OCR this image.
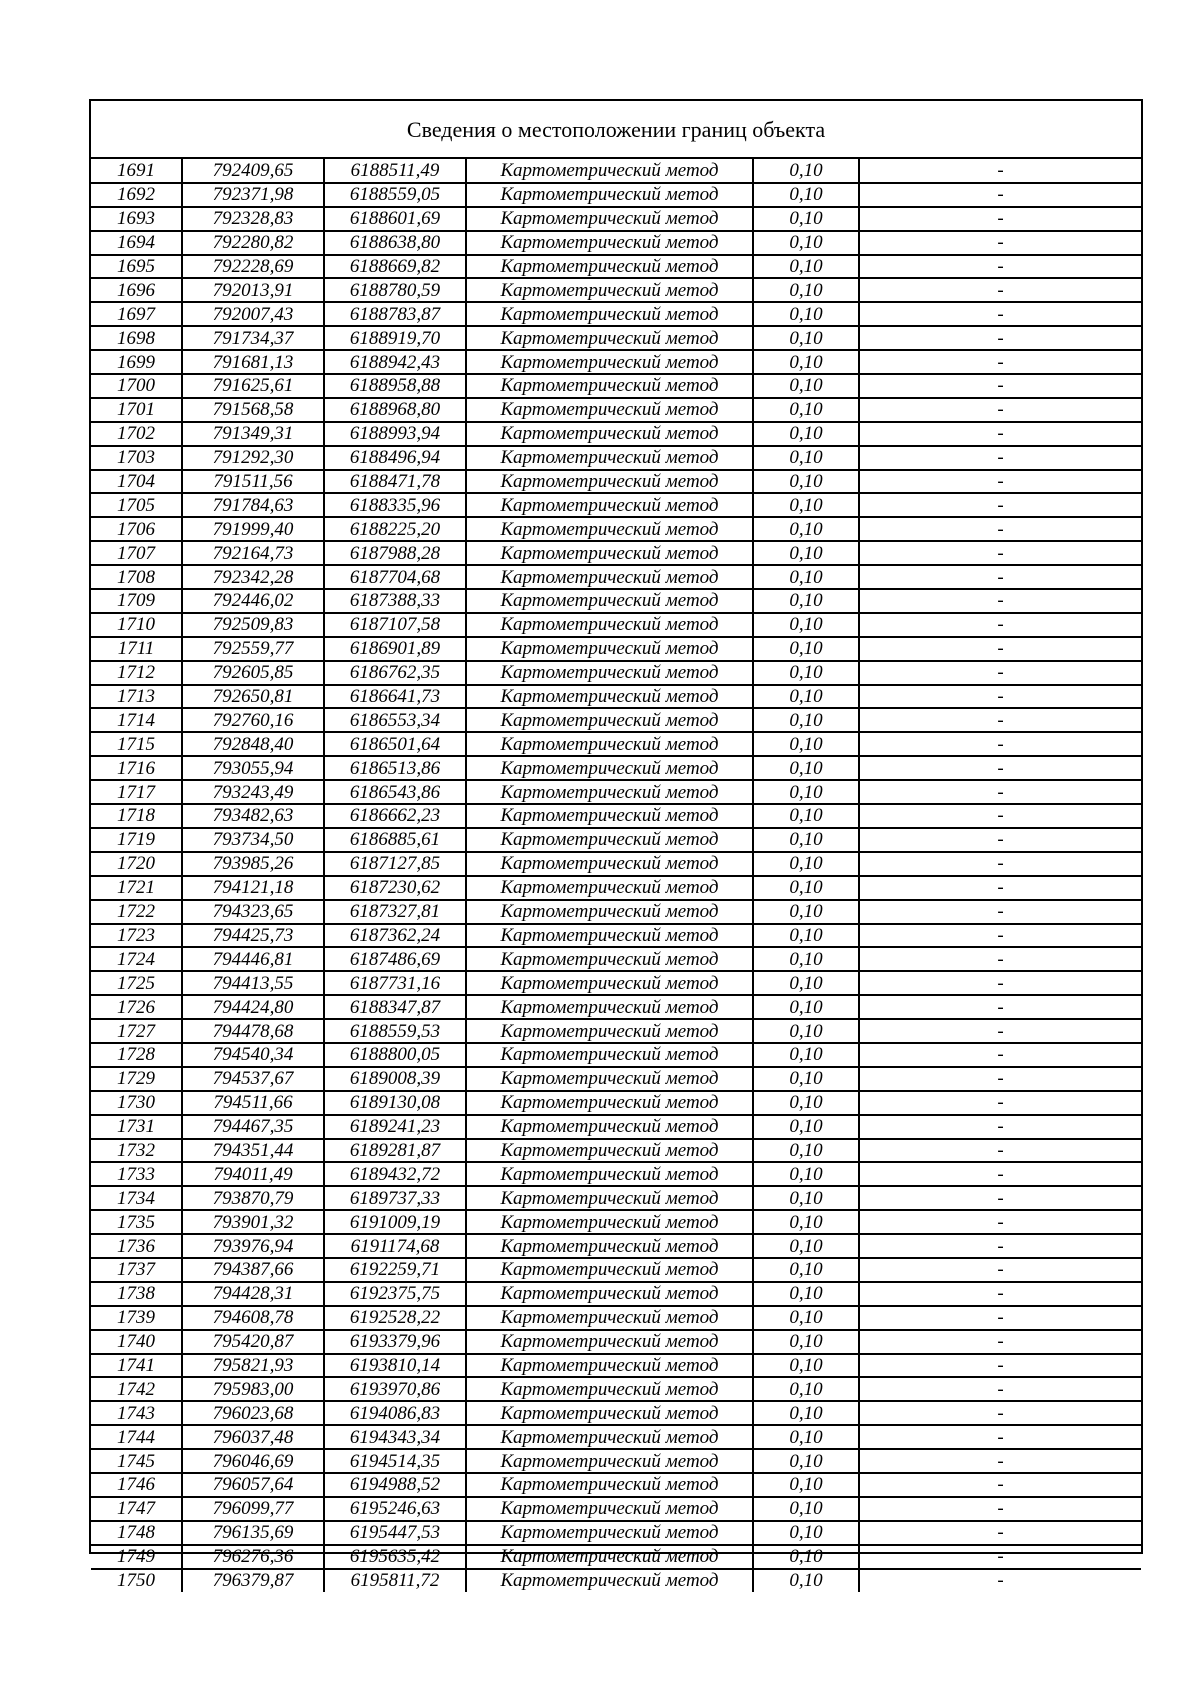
Сведения о местоположении границ объекта
1691	792409,65	6188511,49	Картометрический метод	0,10	-
1692	792371,98	6188559,05	Картометрический метод	0,10	-
1693	792328,83	6188601,69	Картометрический метод	0,10	-
1694	792280,82	6188638,80	Картометрический метод	0,10	-
1695	792228,69	6188669,82	Картометрический метод	0,10	-
1696	792013,91	6188780,59	Картометрический метод	0,10	-
1697	792007,43	6188783,87	Картометрический метод	0,10	-
1698	791734,37	6188919,70	Картометрический метод	0,10	-
1699	791681,13	6188942,43	Картометрический метод	0,10	-
1700	791625,61	6188958,88	Картометрический метод	0,10	-
1701	791568,58	6188968,80	Картометрический метод	0,10	-
1702	791349,31	6188993,94	Картометрический метод	0,10	-
1703	791292,30	6188496,94	Картометрический метод	0,10	-
1704	791511,56	6188471,78	Картометрический метод	0,10	-
1705	791784,63	6188335,96	Картометрический метод	0,10	-
1706	791999,40	6188225,20	Картометрический метод	0,10	-
1707	792164,73	6187988,28	Картометрический метод	0,10	-
1708	792342,28	6187704,68	Картометрический метод	0,10	-
1709	792446,02	6187388,33	Картометрический метод	0,10	-
1710	792509,83	6187107,58	Картометрический метод	0,10	-
1711	792559,77	6186901,89	Картометрический метод	0,10	-
1712	792605,85	6186762,35	Картометрический метод	0,10	-
1713	792650,81	6186641,73	Картометрический метод	0,10	-
1714	792760,16	6186553,34	Картометрический метод	0,10	-
1715	792848,40	6186501,64	Картометрический метод	0,10	-
1716	793055,94	6186513,86	Картометрический метод	0,10	-
1717	793243,49	6186543,86	Картометрический метод	0,10	-
1718	793482,63	6186662,23	Картометрический метод	0,10	-
1719	793734,50	6186885,61	Картометрический метод	0,10	-
1720	793985,26	6187127,85	Картометрический метод	0,10	-
1721	794121,18	6187230,62	Картометрический метод	0,10	-
1722	794323,65	6187327,81	Картометрический метод	0,10	-
1723	794425,73	6187362,24	Картометрический метод	0,10	-
1724	794446,81	6187486,69	Картометрический метод	0,10	-
1725	794413,55	6187731,16	Картометрический метод	0,10	-
1726	794424,80	6188347,87	Картометрический метод	0,10	-
1727	794478,68	6188559,53	Картометрический метод	0,10	-
1728	794540,34	6188800,05	Картометрический метод	0,10	-
1729	794537,67	6189008,39	Картометрический метод	0,10	-
1730	794511,66	6189130,08	Картометрический метод	0,10	-
1731	794467,35	6189241,23	Картометрический метод	0,10	-
1732	794351,44	6189281,87	Картометрический метод	0,10	-
1733	794011,49	6189432,72	Картометрический метод	0,10	-
1734	793870,79	6189737,33	Картометрический метод	0,10	-
1735	793901,32	6191009,19	Картометрический метод	0,10	-
1736	793976,94	6191174,68	Картометрический метод	0,10	-
1737	794387,66	6192259,71	Картометрический метод	0,10	-
1738	794428,31	6192375,75	Картометрический метод	0,10	-
1739	794608,78	6192528,22	Картометрический метод	0,10	-
1740	795420,87	6193379,96	Картометрический метод	0,10	-
1741	795821,93	6193810,14	Картометрический метод	0,10	-
1742	795983,00	6193970,86	Картометрический метод	0,10	-
1743	796023,68	6194086,83	Картометрический метод	0,10	-
1744	796037,48	6194343,34	Картометрический метод	0,10	-
1745	796046,69	6194514,35	Картометрический метод	0,10	-
1746	796057,64	6194988,52	Картометрический метод	0,10	-
1747	796099,77	6195246,63	Картометрический метод	0,10	-
1748	796135,69	6195447,53	Картометрический метод	0,10	-
1749	796276,36	6195635,42	Картометрический метод	0,10	-
1750	796379,87	6195811,72	Картометрический метод	0,10	-
